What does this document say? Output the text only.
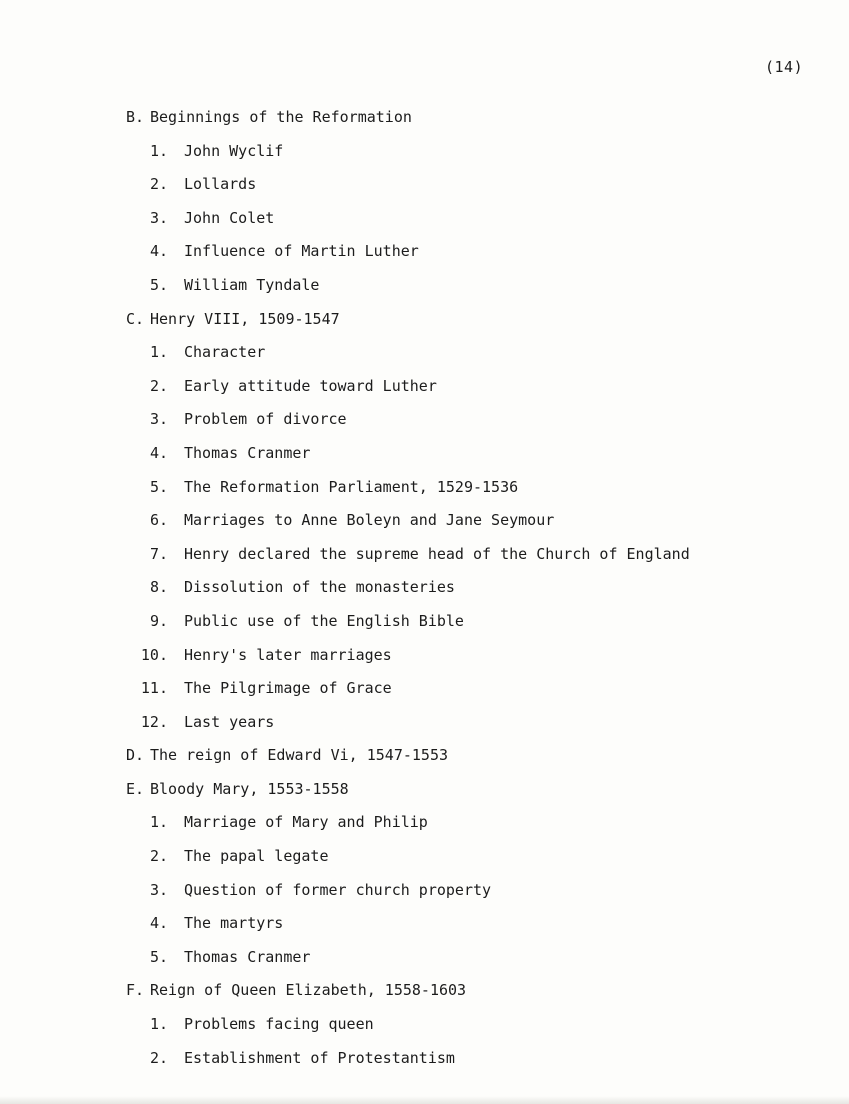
(14)
B. Beginnings of the Reformation
1. John Wyclif
2. Lollards
3. John Colet
4. Influence of Martin Luther
5. William Tyndale
C. Henry VIII, 1509-1547
1. Character
2. Early attitude toward Luther
3. Problem of divorce
4. Thomas Cranmer
5. The Reformation Parliament, 1529-1536
6. Marriages to Anne Boleyn and Jane Seymour
7. Henry declared the supreme head of the Church of England
8. Dissolution of the monasteries
9. Public use of the English Bible
10. Henry's later marriages
11. The Pilgrimage of Grace
12. Last years
D. The reign of Edward Vi, 1547-1553
E. Bloody Mary, 1553-1558
1. Marriage of Mary and Philip
2. The papal legate
3. Question of former church property
4. The martyrs
5. Thomas Cranmer
F. Reign of Queen Elizabeth, 1558-1603
1. Problems facing queen
2. Establishment of Protestantism
